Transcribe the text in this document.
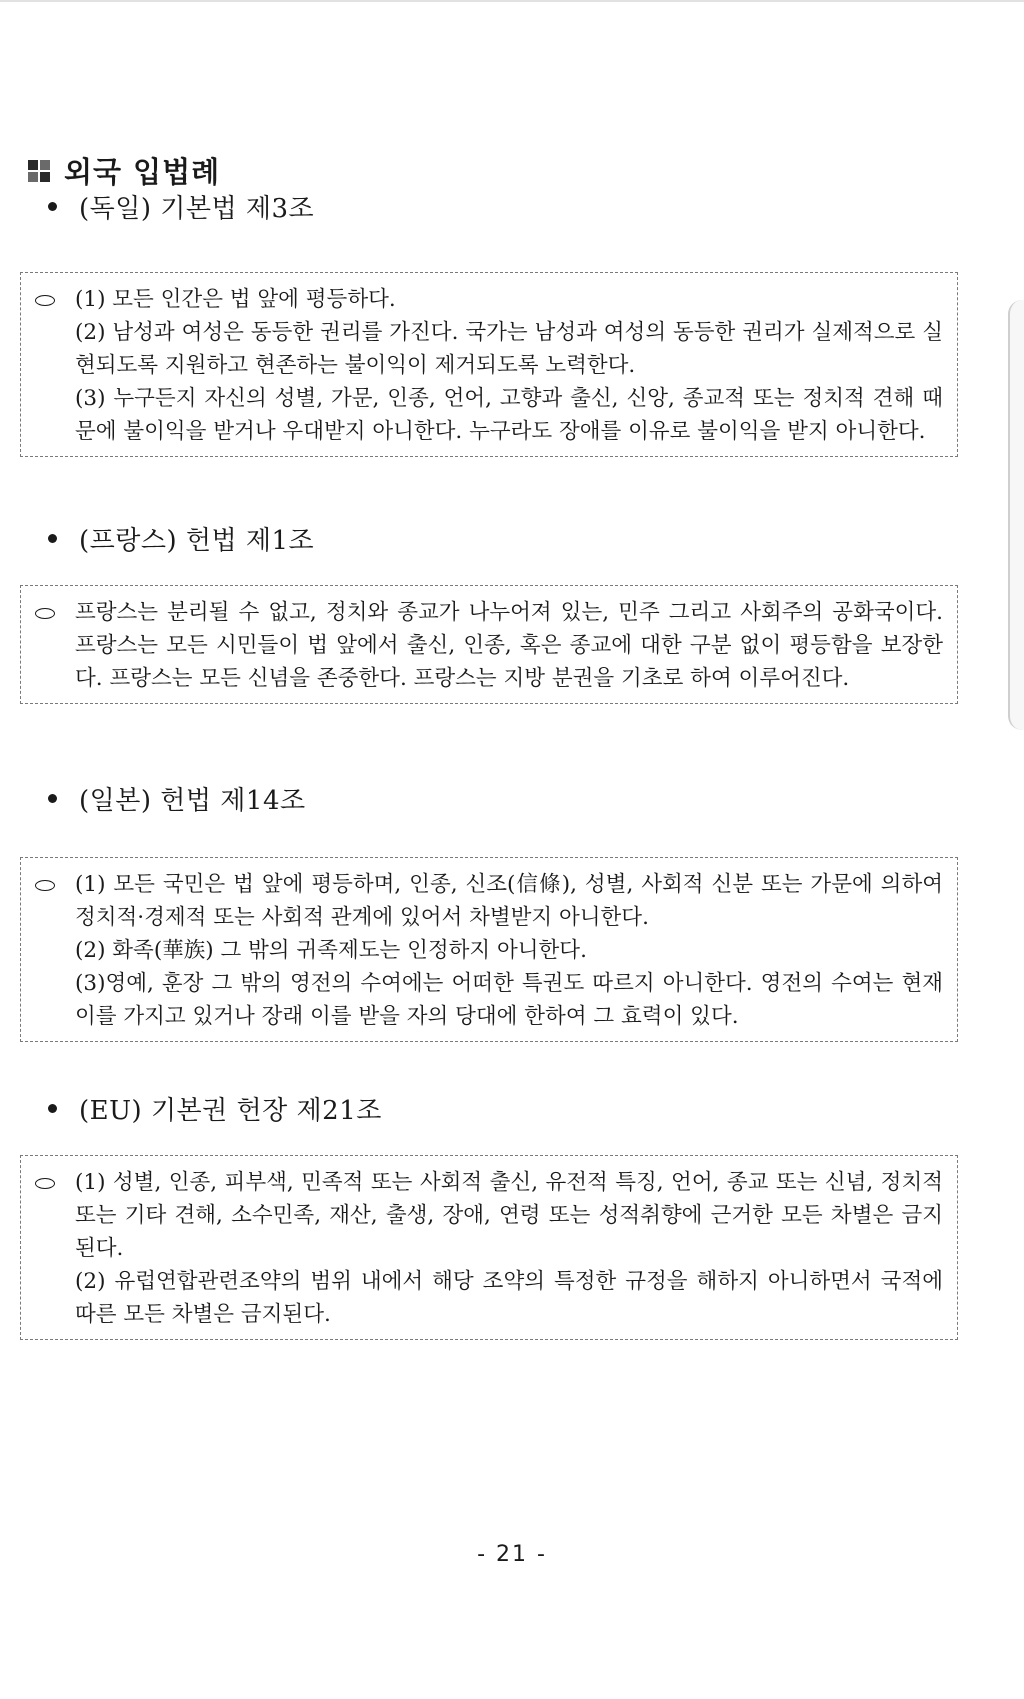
외국 입법례
(독일) 기본법 제3조

(1) 모든 인간은 법 앞에 평등하다.

(2) 남성과 여성은 동등한 권리를 가진다. 국가는 남성과 여성의 동등한 권리가 실제적으로 실현되도록 지원하고 현존하는 불이익이 제거되도록 노력한다.

(3) 누구든지 자신의 성별, 가문, 인종, 언어, 고향과 출신, 신앙, 종교적 또는 정치적 견해 때문에 불이익을 받거나 우대받지 아니한다. 누구라도 장애를 이유로 불이익을 받지 아니한다.

(프랑스) 헌법 제1조

프랑스는 분리될 수 없고, 정치와 종교가 나누어져 있는, 민주 그리고 사회주의 공화국이다. 프랑스는 모든 시민들이 법 앞에서 출신, 인종, 혹은 종교에 대한 구분 없이 평등함을 보장한다. 프랑스는 모든 신념을 존중한다. 프랑스는 지방 분권을 기초로 하여 이루어진다.

(일본) 헌법 제14조

(1) 모든 국민은 법 앞에 평등하며, 인종, 신조(信條), 성별, 사회적 신분 또는 가문에 의하여 정치적·경제적 또는 사회적 관계에 있어서 차별받지 아니한다.

(2) 화족(華族) 그 밖의 귀족제도는 인정하지 아니한다.

(3)영예, 훈장 그 밖의 영전의 수여에는 어떠한 특권도 따르지 아니한다. 영전의 수여는 현재 이를 가지고 있거나 장래 이를 받을 자의 당대에 한하여 그 효력이 있다.

(EU) 기본권 헌장 제21조

(1) 성별, 인종, 피부색, 민족적 또는 사회적 출신, 유전적 특징, 언어, 종교 또는 신념, 정치적 또는 기타 견해, 소수민족, 재산, 출생, 장애, 연령 또는 성적취향에 근거한 모든 차별은 금지된다.

(2) 유럽연합관련조약의 범위 내에서 해당 조약의 특정한 규정을 해하지 아니하면서 국적에 따른 모든 차별은 금지된다.

- 21 -
